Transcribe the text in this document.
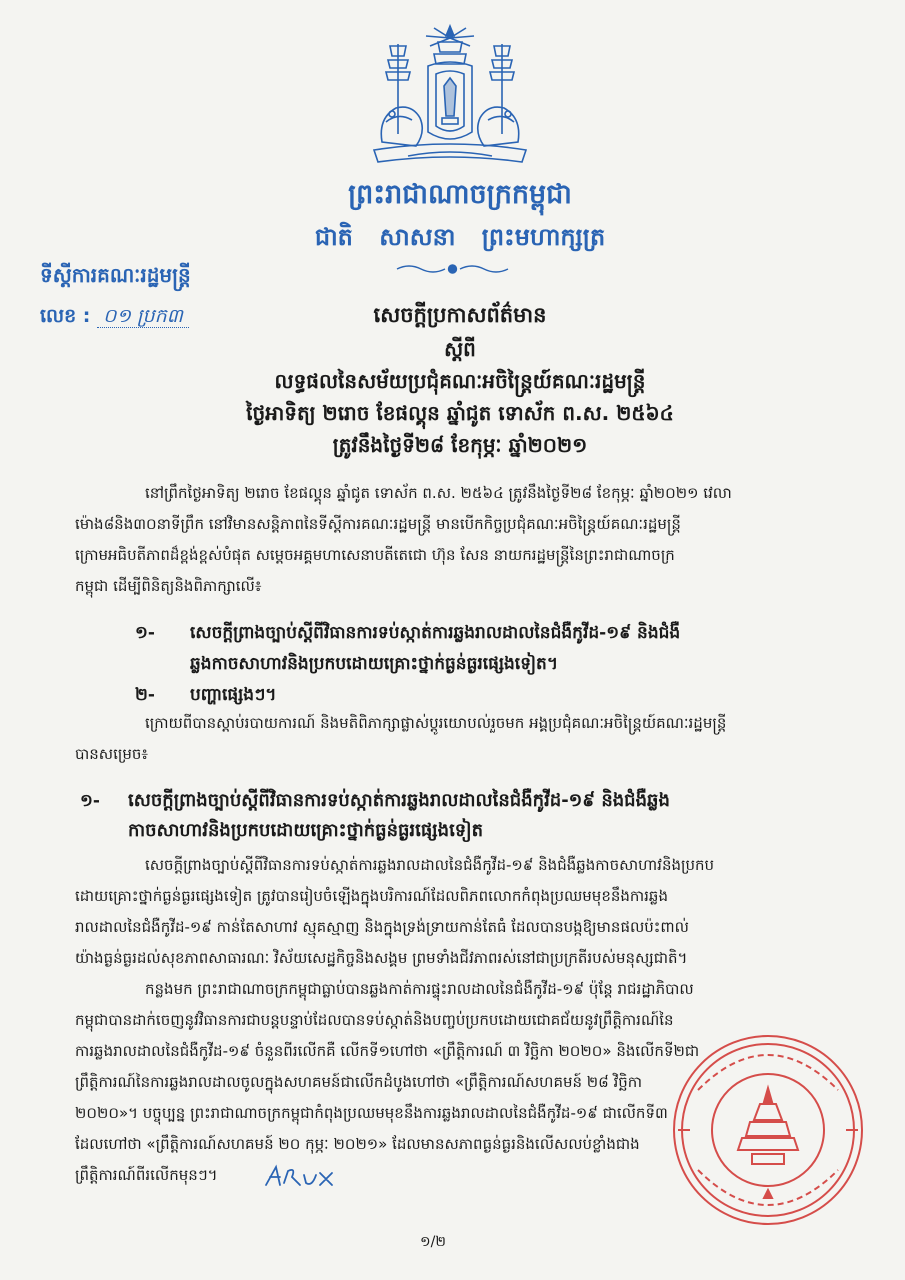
ព្រះរាជាណាចក្រកម្ពុជា
ជាតិ សាសនា ព្រះមហាក្សត្រ
ទីស្ដីការគណៈរដ្ឋមន្ត្រី
លេខ : ០១ ប្រក៣	សេចក្ដីប្រកាសព័ត៌មាន
ស្ដីពី
លទ្ធផលនៃសម័យប្រជុំគណៈអចិន្ត្រៃយ៍គណៈរដ្ឋមន្ត្រី
ថ្ងៃអាទិត្យ ២រោច ខែផល្គុន ឆ្នាំជូត ទោស័ក ព.ស. ២៥៦៤
ត្រូវនឹងថ្ងៃទី២៨ ខែកុម្ភៈ ឆ្នាំ២០២១
នៅព្រឹកថ្ងៃអាទិត្យ ២រោច ខែផល្គុន ឆ្នាំជូត ទោស័ក ព.ស. ២៥៦៤ ត្រូវនឹងថ្ងៃទី២៨ ខែកុម្ភៈ ឆ្នាំ២០២១ វេលា
ម៉ោង៨និង៣០នាទីព្រឹក នៅវិមានសន្តិភាពនៃទីស្ដីការគណៈរដ្ឋមន្ត្រី មានបើកកិច្ចប្រជុំគណៈអចិន្ត្រៃយ៍គណៈរដ្ឋមន្ត្រី
ក្រោមអធិបតីភាពដ៏ខ្ពង់ខ្ពស់បំផុត សម្ដេចអគ្គមហាសេនាបតីតេជោ ហ៊ុន សែន នាយករដ្ឋមន្ត្រីនៃព្រះរាជាណាចក្រ
កម្ពុជា ដើម្បីពិនិត្យនិងពិភាក្សាលើ៖
១- សេចក្ដីព្រាងច្បាប់ស្ដីពីវិធានការទប់ស្កាត់ការឆ្លងរាលដាលនៃជំងឺកូវីដ-១៩ និងជំងឺ
ឆ្លងកាចសាហាវនិងប្រកបដោយគ្រោះថ្នាក់ធ្ងន់ធ្ងរផ្សេងទៀត។
២- បញ្ហាផ្សេងៗ។
ក្រោយពីបានស្ដាប់របាយការណ៍ និងមតិពិភាក្សាផ្លាស់ប្ដូរយោបល់រួចមក អង្គប្រជុំគណៈអចិន្ត្រៃយ៍គណៈរដ្ឋមន្ត្រី
បានសម្រេច៖
១- សេចក្ដីព្រាងច្បាប់ស្ដីពីវិធានការទប់ស្កាត់ការឆ្លងរាលដាលនៃជំងឺកូវីដ-១៩ និងជំងឺឆ្លង
កាចសាហាវនិងប្រកបដោយគ្រោះថ្នាក់ធ្ងន់ធ្ងរផ្សេងទៀត
សេចក្ដីព្រាងច្បាប់ស្ដីពីវិធានការទប់ស្កាត់ការឆ្លងរាលដាលនៃជំងឺកូវីដ-១៩ និងជំងឺឆ្លងកាចសាហាវនិងប្រកប
ដោយគ្រោះថ្នាក់ធ្ងន់ធ្ងរផ្សេងទៀត ត្រូវបានរៀបចំឡើងក្នុងបរិការណ៍ដែលពិភពលោកកំពុងប្រឈមមុខនឹងការឆ្លង
រាលដាលនៃជំងឺកូវីដ-១៩ កាន់តែសាហាវ ស្មុគស្មាញ និងក្នុងទ្រង់ទ្រាយកាន់តែធំ ដែលបានបង្កឱ្យមានផលប៉ះពាល់
យ៉ាងធ្ងន់ធ្ងរដល់សុខភាពសាធារណៈ វិស័យសេដ្ឋកិច្ចនិងសង្គម ព្រមទាំងជីវភាពរស់នៅជាប្រក្រតីរបស់មនុស្សជាតិ។
កន្លងមក ព្រះរាជាណាចក្រកម្ពុជាធ្លាប់បានឆ្លងកាត់ការផ្ទុះរាលដាលនៃជំងឺកូវីដ-១៩ ប៉ុន្តែ រាជរដ្ឋាភិបាល
កម្ពុជាបានដាក់ចេញនូវវិធានការជាបន្តបន្ទាប់ដែលបានទប់ស្កាត់និងបញ្ចប់ប្រកបដោយជោគជ័យនូវព្រឹត្តិការណ៍នៃ
ការឆ្លងរាលដាលនៃជំងឺកូវីដ-១៩ ចំនួនពីរលើកគឺ លើកទី១ហៅថា «ព្រឹត្តិការណ៍ ៣ វិច្ឆិកា ២០២០» និងលើកទី២ជា
ព្រឹត្តិការណ៍នៃការឆ្លងរាលដាលចូលក្នុងសហគមន៍ជាលើកដំបូងហៅថា «ព្រឹត្តិការណ៍សហគមន៍ ២៨ វិច្ឆិកា
២០២០»។ បច្ចុប្បន្ន ព្រះរាជាណាចក្រកម្ពុជាកំពុងប្រឈមមុខនឹងការឆ្លងរាលដាលនៃជំងឺកូវីដ-១៩ ជាលើកទី៣
ដែលហៅថា «ព្រឹត្តិការណ៍សហគមន៍ ២០ កុម្ភៈ ២០២១» ដែលមានសភាពធ្ងន់ធ្ងរនិងលើសលប់ខ្លាំងជាង
ព្រឹត្តិការណ៍ពីរលើកមុនៗ។
១/២
